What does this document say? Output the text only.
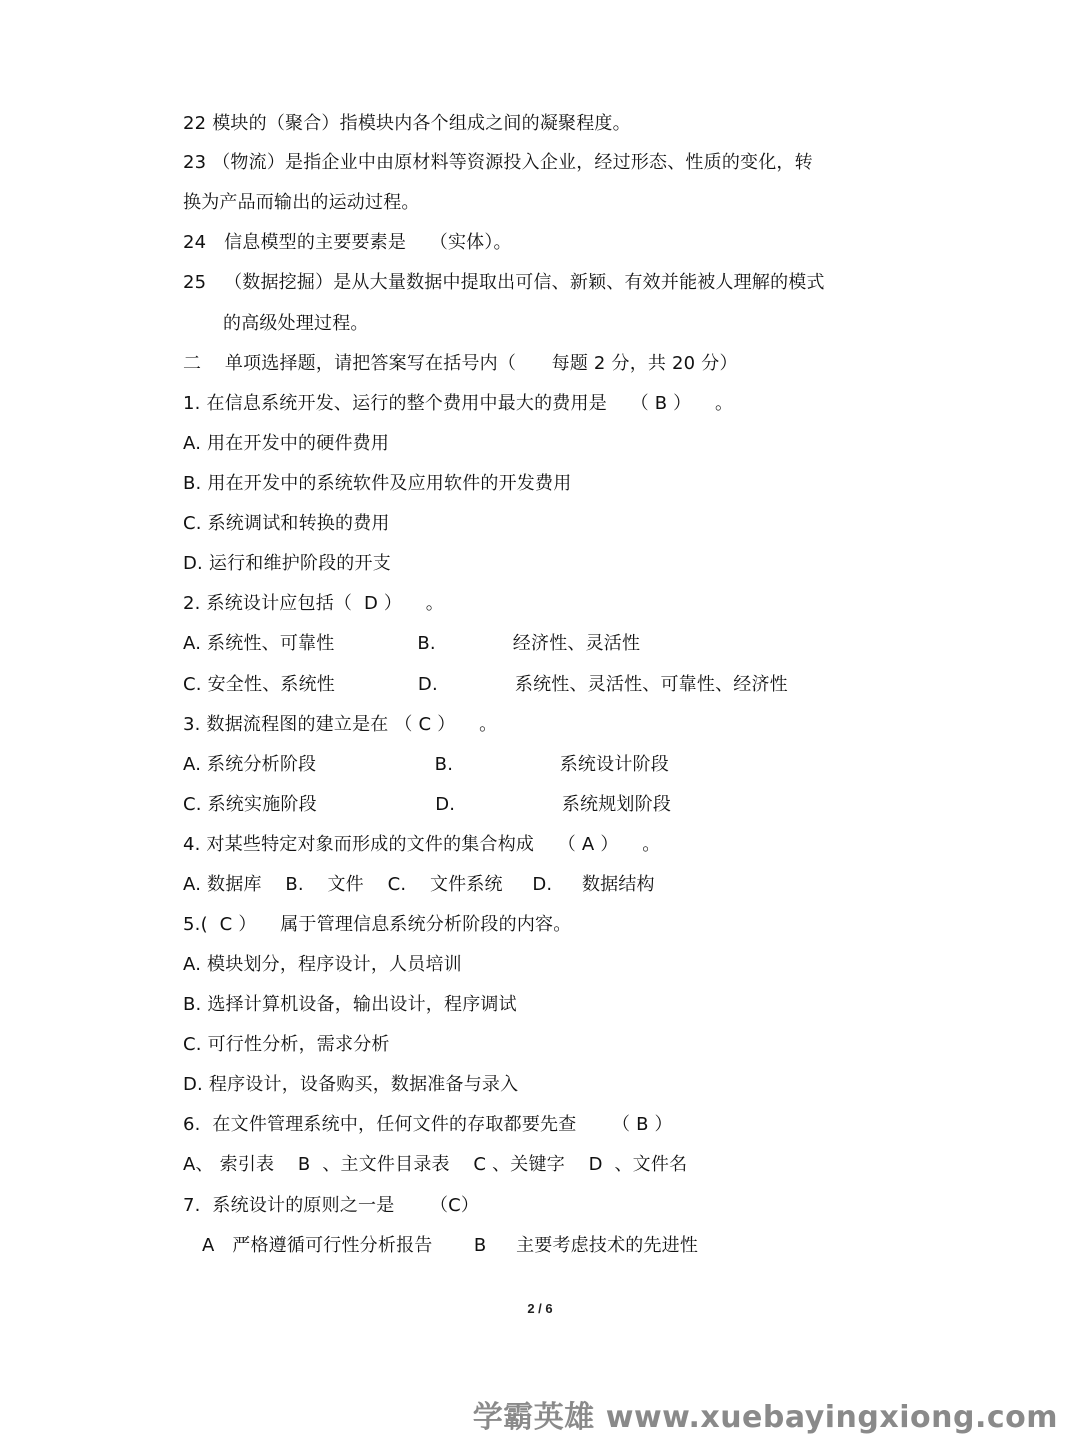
22 模块的（聚合）指模块内各个组成之间的凝聚程度。
23 （物流）是指企业中由原材料等资源投入企业，经过形态、性质的变化，转
换为产品而输出的运动过程。
24   信息模型的主要要素是    （实体）。
25   （数据挖掘）是从大量数据中提取出可信、新颖、有效并能被人理解的模式
的高级处理过程。
二    单项选择题，请把答案写在括号内（      每题 2 分，共 20 分）
1. 在信息系统开发、运行的整个费用中最大的费用是    （ B ）    。
A. 用在开发中的硬件费用
B. 用在开发中的系统软件及应用软件的开发费用
C. 系统调试和转换的费用
D. 运行和维护阶段的开支
2. 系统设计应包括（  D ）    。
A. 系统性、可靠性              B.             经济性、灵活性
C. 安全性、系统性              D.             系统性、灵活性、可靠性、经济性
3. 数据流程图的建立是在 （ C ）    。
A. 系统分析阶段                    B.                  系统设计阶段
C. 系统实施阶段                    D.                  系统规划阶段
4. 对某些特定对象而形成的文件的集合构成    （ A ）    。
A. 数据库    B.    文件    C.    文件系统     D.     数据结构
5.(  C ）    属于管理信息系统分析阶段的内容。
A. 模块划分，程序设计，人员培训
B. 选择计算机设备，输出设计，程序调试
C. 可行性分析，需求分析
D. 程序设计，设备购买，数据准备与录入
6.  在文件管理系统中，任何文件的存取都要先查      （ B ）
A、 索引表    B  、主文件目录表    C 、关键字    D  、文件名
7.  系统设计的原则之一是      （C）
A   严格遵循可行性分析报告       B     主要考虑技术的先进性
2 / 6
学霸英雄 www.xuebayingxiong.com
